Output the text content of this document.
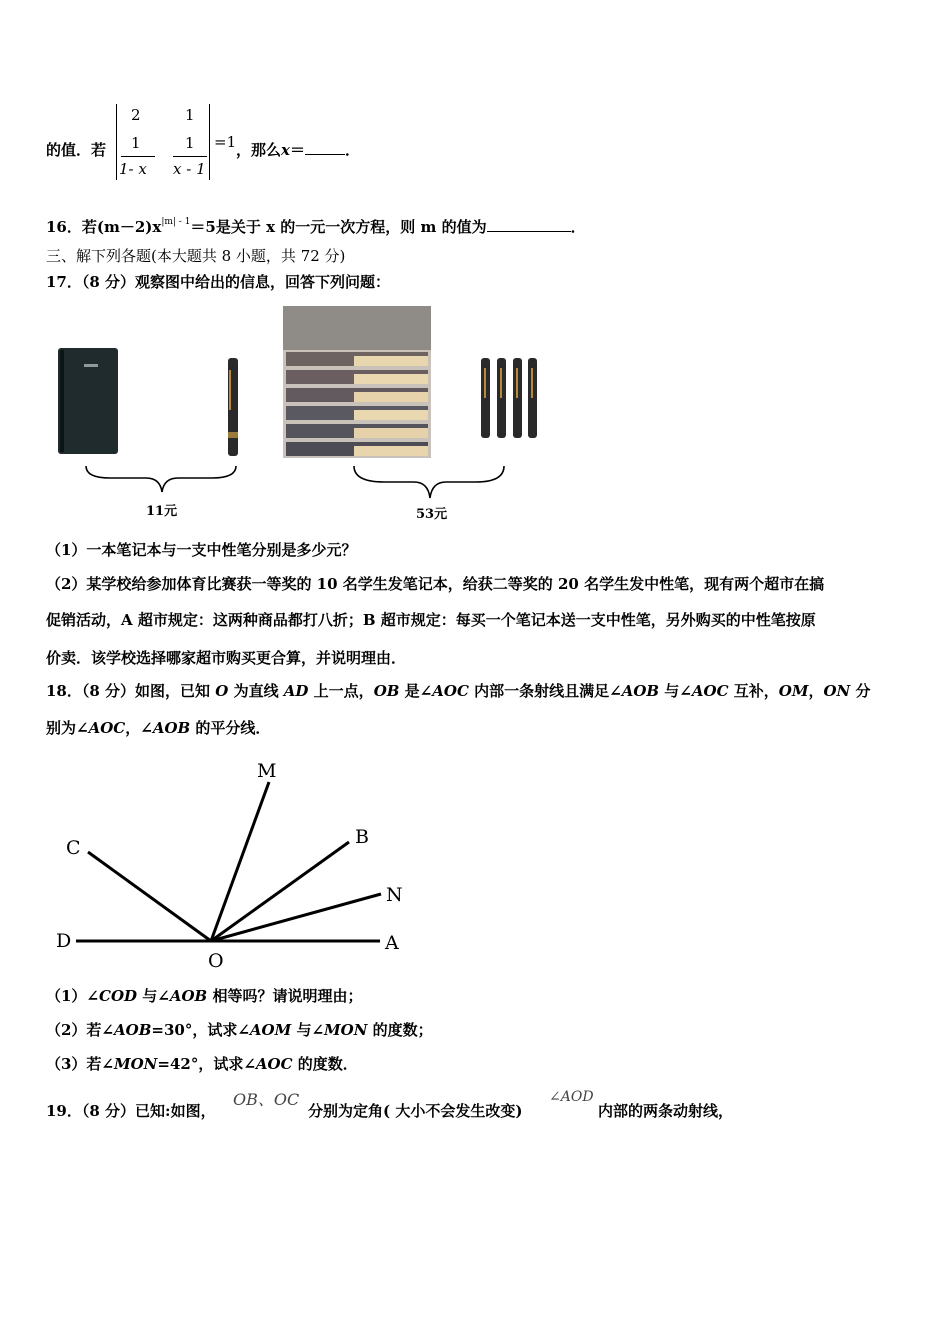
的值．若
2	1
1
1- x
1
x - 1
=1 ，那么x＝	．
16．若$(m-2)x^{|m| - 1}=5$是关于 x 的一元一次方程，则 m 的值为	．
三、解下列各题(本大题共 8 小题，共 72 分)
17．（8 分）观察图中给出的信息，回答下列问题：
11元	53元
（1）一本笔记本与一支中性笔分别是多少元？
（2）某学校给参加体育比赛获一等奖的 10 名学生发笔记本，给获二等奖的 20 名学生发中性笔，现有两个超市在搞
促销活动，A 超市规定：这两种商品都打八折；B 超市规定：每买一个笔记本送一支中性笔，另外购买的中性笔按原
价卖．该学校选择哪家超市购买更合算，并说明理由．
18．（8 分）如图，已知 O 为直线 AD 上一点，OB 是∠AOC 内部一条射线且满足∠AOB 与∠AOC 互补，OM，ON 分
别为∠AOC，∠AOB 的平分线．
M
B
C
N
D
O
A
（1）∠COD 与∠AOB 相等吗？请说明理由；
（2）若∠AOB=30°，试求∠AOM 与∠MON 的度数；
（3）若∠MON=42°，试求∠AOC 的度数．
19．（8 分）已知:如图，
OB、OC
分别为定角( 大小不会发生改变)
∠AOD
内部的两条动射线，
